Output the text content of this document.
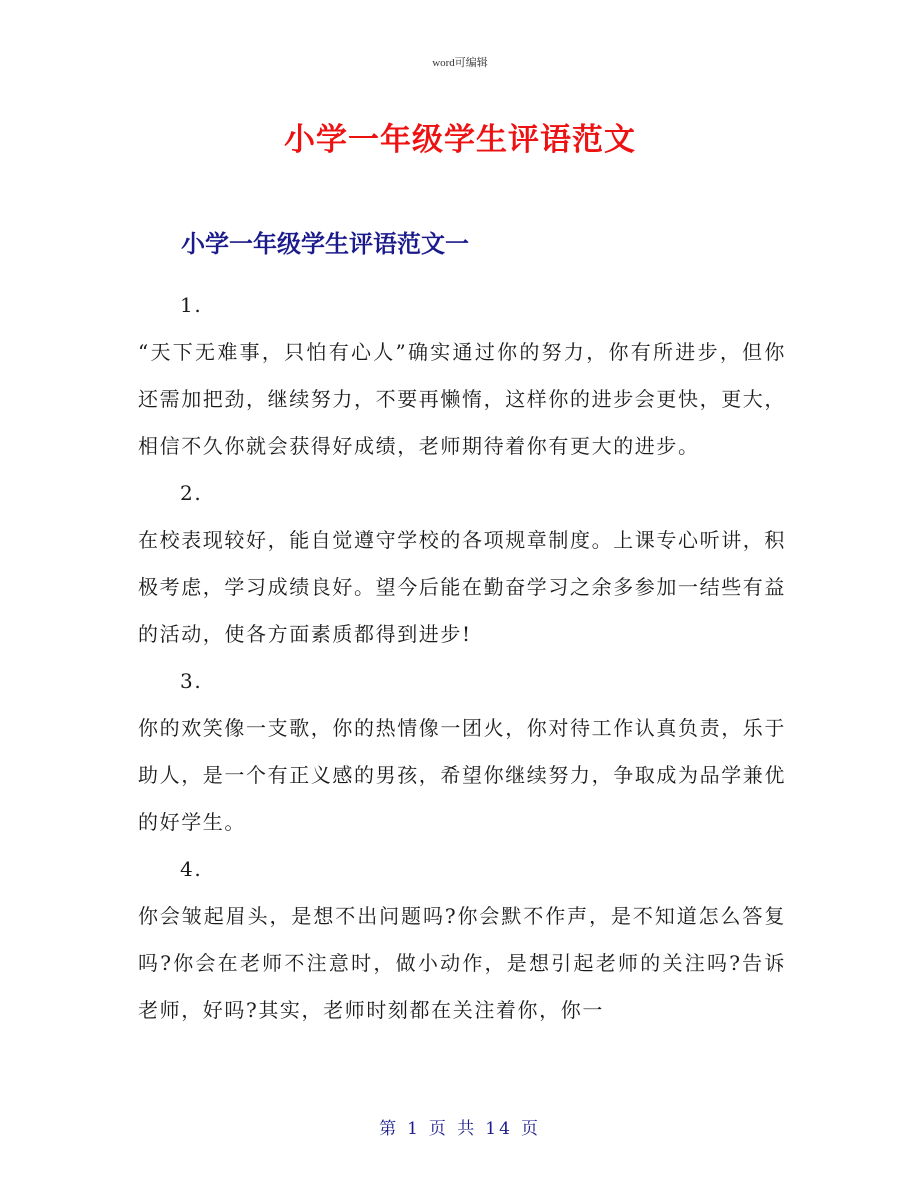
word可编辑
小学一年级学生评语范文
小学一年级学生评语范文一
1.
“天下无难事，只怕有心人”确实通过你的努力，你有所进步，但你还需加把劲，继续努力，不要再懒惰，这样你的进步会更快，更大，相信不久你就会获得好成绩，老师期待着你有更大的进步。
2.
在校表现较好，能自觉遵守学校的各项规章制度。上课专心听讲，积极考虑，学习成绩良好。望今后能在勤奋学习之余多参加一结些有益的活动，使各方面素质都得到进步!
3.
你的欢笑像一支歌，你的热情像一团火，你对待工作认真负责，乐于助人，是一个有正义感的男孩，希望你继续努力，争取成为品学兼优的好学生。
4.
你会皱起眉头，是想不出问题吗?你会默不作声，是不知道怎么答复吗?你会在老师不注意时，做小动作，是想引起老师的关注吗?告诉老师，好吗?其实，老师时刻都在关注着你，你一
第 1 页 共 14 页
